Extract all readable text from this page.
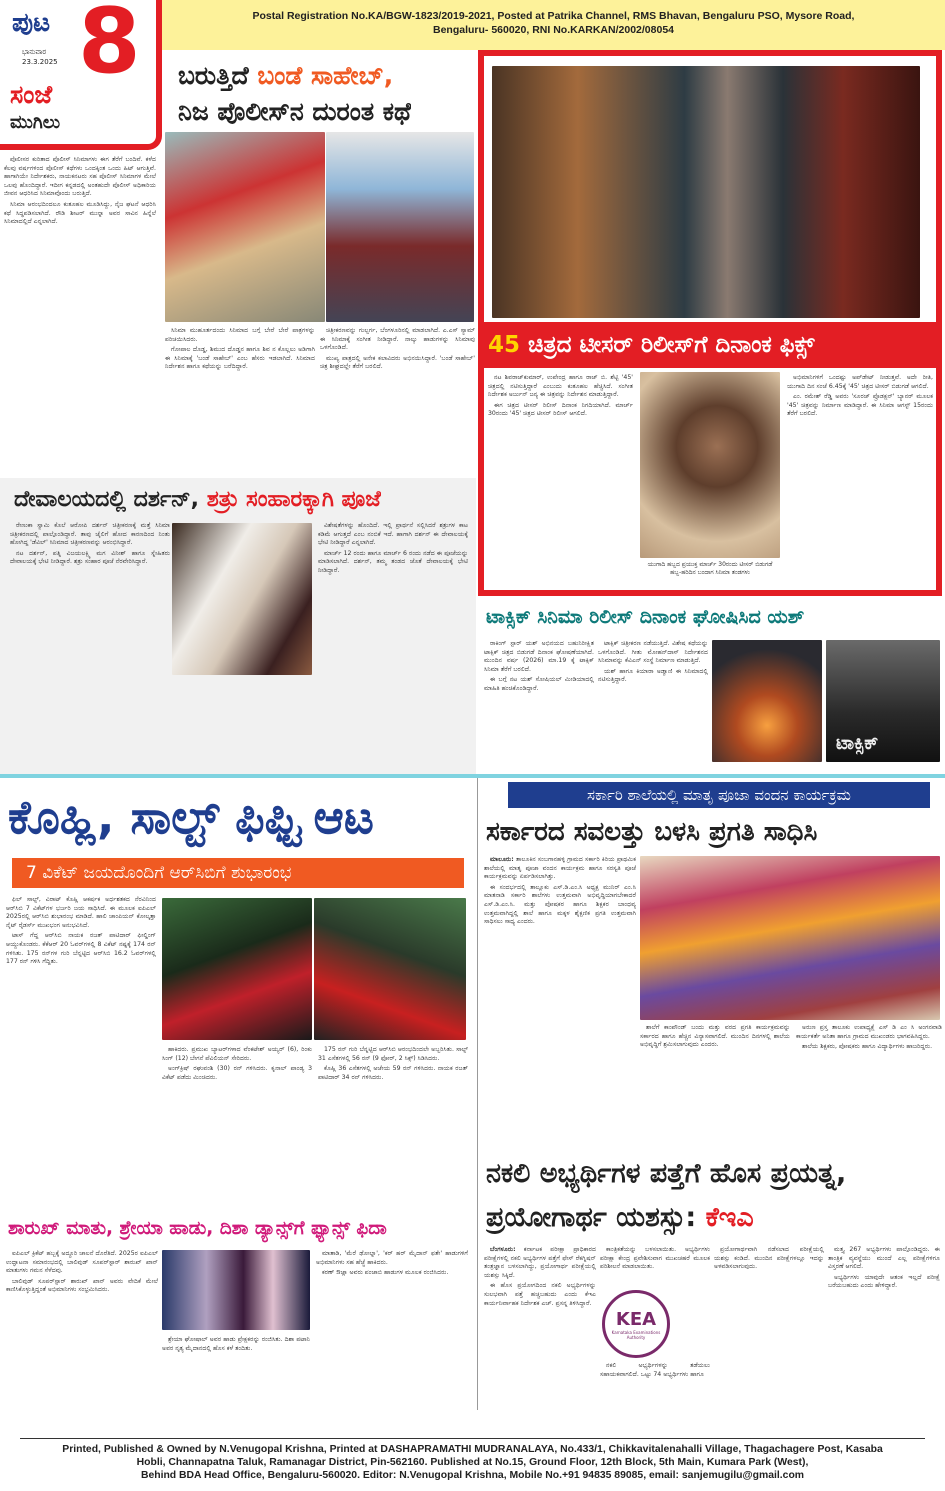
ಪುಟ 8
ಭಾನುವಾರ
23.3.2025
ಸಂಜೆ
ಮುಗಿಲು
Postal Registration No.KA/BGW-1823/2019-2021, Posted at Patrika Channel, RMS Bhavan, Bengaluru PSO, Mysore Road,
Bengaluru- 560020, RNI No.KARKAN/2002/08054
ಬರುತ್ತಿದೆ ಬಂಡೆ ಸಾಹೇಬ್,
ನಿಜ ಪೊಲೀಸ್‌ನ ದುರಂತ ಕಥೆ

ಪೊಲೀಸರ ಕುರಿತಾದ ಪೊಲೀಸ್ ಸಿನಿಮಾಗಳು ಈಗ ತೆರೆಗೆ ಬಂದಿವೆ. ಕಳೆದ ಕೆಲವು ವರ್ಷಗಳಿಂದ ಪೊಲೀಸ್ ಕಥೆಗಳು ಒಂದಕ್ಕಿಂತ ಒಂದು ಹಿಟ್ ಆಗುತ್ತಿವೆ. ಹಾಗಾಗಿಯೇ ನಿರ್ದೇಶಕರು, ನಾಯಕನಟರು ಸಹ ಪೊಲೀಸ್ ಸಿನಿಮಾಗಳ ಮೇಲೆ ಒಲವು ಹೊಂದಿದ್ದಾರೆ. ಇದೀಗ ಕನ್ನಡದಲ್ಲಿ ಅಂತಹುದೇ ಪೊಲೀಸ್ ಅಧಿಕಾರಿಯ ಜೀವನ ಆಧರಿಸಿದ ಸಿನಿಮಾವೊಂದು ಬರುತ್ತಿದೆ.

ಸಿನಿಮಾ ಆರಂಭದಿಂದಲೂ ಕುತೂಹಲ ಮೂಡಿಸಿದ್ದು, ನೈಜ ಘಟನೆ ಆಧರಿಸಿ ಕಥೆ ಸಿದ್ಧಪಡಿಸಲಾಗಿದೆ. ರೌಡಿ ಶೀಟರ್ ಮುನ್ನಾ ಅವರ ಸಾವಿನ ಹಿನ್ನೆಲೆ ಸಿನಿಮಾದಲ್ಲಿದೆ ಎನ್ನಲಾಗಿದೆ.

ಸಿನಿಮಾ ಮುಹೂರ್ತದಂದು ಸಿನಿಮಾದ ಬಗ್ಗೆ ಬೇರೆ ಬೇರೆ ಪಾತ್ರಗಳನ್ನು ಪರಿಚಯಿಸಿದರು.

ಗೋಪಾಲ ದೊಡ್ಡ, ಶಿಮುದ ದೊಡ್ಡನ ಹಾಗೂ ಶಿವ ನ ಕೊಲ್ಲಲು ಅಡಿಗಾಗಿ ಈ ಸಿನಿಮಾಕ್ಕೆ 'ಬಂಡೆ ಸಾಹೇಬ್' ಎಂಬ ಹೆಸರು ಇಡಲಾಗಿದೆ. ಸಿನಿಮಾದ ನಿರ್ದೇಶನ ಹಾಗೂ ಕಥೆಯನ್ನು ಬರೆದಿದ್ದಾರೆ.

ಚಿತ್ರೀಕರಣವನ್ನು ಗುಲ್ಬರ್ಗ, ಬೆಂಗಳೂರಿನಲ್ಲಿ ಮಾಡಲಾಗಿದೆ. ಎ.ಎಸ್ ಸ್ಯಾಮ್ ಈ ಸಿನಿಮಾಕ್ಕೆ ಸಂಗೀತ ನೀಡಿದ್ದಾರೆ. ನಾಲ್ಕು ಹಾಡುಗಳನ್ನು ಸಿನಿಮಾವು ಒಳಗೊಂಡಿದೆ.

ಮುಖ್ಯ ಪಾತ್ರದಲ್ಲಿ ಅನೇಕ ಕಲಾವಿದರು ಅಭಿನಯಿಸಿದ್ದಾರೆ. 'ಬಂಡೆ ಸಾಹೇಬ್' ಚಿತ್ರ ಶೀಘ್ರದಲ್ಲೇ ತೆರೆಗೆ ಬರಲಿದೆ.

45 ಚಿತ್ರದ ಟೀಸರ್ ರಿಲೀಸ್‌ಗೆ ದಿನಾಂಕ ಫಿಕ್ಸ್

ನಟ ಶಿವರಾಜ್‌ಕುಮಾರ್, ಉಪೇಂದ್ರ ಹಾಗೂ ರಾಜ್ ಬಿ. ಶೆಟ್ಟಿ '45' ಚಿತ್ರದಲ್ಲಿ ನಟಿಸುತ್ತಿದ್ದಾರೆ ಎಂಬುದು ಕುತೂಹಲ ಹೆಚ್ಚಿಸಿದೆ. ಸಂಗೀತ ನಿರ್ದೇಶಕ ಅರ್ಜುನ್ ಜನ್ಯ ಈ ಚಿತ್ರವನ್ನು ನಿರ್ದೇಶನ ಮಾಡುತ್ತಿದ್ದಾರೆ.

ಈಗ ಚಿತ್ರದ ಟೀಸರ್ ರಿಲೀಸ್ ದಿನಾಂಕ ನಿಗದಿಯಾಗಿದೆ. ಮಾರ್ಚ್ 30ರಂದು '45' ಚಿತ್ರದ ಟೀಸರ್ ರಿಲೀಸ್ ಆಗಲಿದೆ.

ಯುಗಾದಿ ಹಬ್ಬದ ಪ್ರಯುಕ್ತ ಮಾರ್ಚ್ 30ರಂದು ಟೀಸರ್ ಬಿಡುಗಡೆ
ಹಬ್ಬ-ಹರಿದಿನ ಬಂದಾಗ ಸಿನಿಮಾ ತಂಡಗಳು

ಅಭಿಮಾನಿಗಳಿಗೆ ಒಂದಷ್ಟು ಅಪ್‌ಡೇಟ್ ನೀಡುತ್ತವೆ. ಅದೇ ರೀತಿ, ಯುಗಾದಿ ದಿನ ಸಂಜೆ 6.45ಕ್ಕೆ '45' ಚಿತ್ರದ ಟೀಸರ್ ಬಿಡುಗಡೆ ಆಗಲಿದೆ.

ಎಂ. ರಮೇಶ್ ರೆಡ್ಡಿ ಅವರು 'ಸೂರಜ್ ಪ್ರೊಡಕ್ಷನ್' ಬ್ಯಾನರ್ ಮೂಲಕ '45' ಚಿತ್ರವನ್ನು ನಿರ್ಮಾಣ ಮಾಡಿದ್ದಾರೆ. ಈ ಸಿನಿಮಾ ಆಗಸ್ಟ್ 15ರಂದು ತೆರೆಗೆ ಬರಲಿದೆ.

ದೇವಾಲಯದಲ್ಲಿ ದರ್ಶನ್, ಶತ್ರು ಸಂಹಾರಕ್ಕಾಗಿ ಪೂಜೆ

ರೇಣುಕಾ ಸ್ವಾಮಿ ಕೊಲೆ ಆರೋಪಿ ದರ್ಶನ್ ಚಿತ್ರೀಕರಣಕ್ಕೆ ಮತ್ತೆ ಸಿನಿಮಾ ಚಿತ್ರೀಕರಣದಲ್ಲಿ ಪಾಲ್ಗೊಂಡಿದ್ದಾರೆ. ತಾವು ಜೈಲಿಗೆ ಹೋದ ಕಾರಣದಿಂದ ನಿಂತು ಹೋಗಿದ್ದ 'ಡೆವಿಲ್' ಸಿನಿಮಾದ ಚಿತ್ರೀಕರಣವನ್ನು ಆರಂಭಿಸಿದ್ದಾರೆ.

ನಟ ದರ್ಶನ್, ಪತ್ನಿ ವಿಜಯಲಕ್ಷ್ಮಿ ಮಗ ವಿನೀಶ್ ಹಾಗೂ ಸ್ನೇಹಿತರು ದೇವಾಲಯಕ್ಕೆ ಭೇಟಿ ನೀಡಿದ್ದಾರೆ. ಶತ್ರು ಸಂಹಾರ ಪೂಜೆ ನೆರವೇರಿಸಿದ್ದಾರೆ.

ವಿಶೇಷತೆಗಳನ್ನು ಹೊಂದಿದೆ. ಇಲ್ಲಿ ಪ್ರಾರ್ಥನೆ ಸಲ್ಲಿಸಿದರೆ ಶತ್ರುಗಳ ಕಾಟ ಕಡಿಮೆ ಆಗುತ್ತದೆ ಎಂಬ ನಂಬಿಕೆ ಇದೆ. ಹಾಗಾಗಿ ದರ್ಶನ್ ಈ ದೇವಾಲಯಕ್ಕೆ ಭೇಟಿ ನೀಡಿದ್ದಾರೆ ಎನ್ನಲಾಗಿದೆ.

ಮಾರ್ಚ್ 12 ರಂದು ಹಾಗೂ ಮಾರ್ಚ್ 6 ರಂದು ನಡೆದ ಈ ಪೂಜೆಯನ್ನು ಮಾಡಿಸಲಾಗಿದೆ. ದರ್ಶನ್, ತಮ್ಮ ತಂಡದ ಜೊತೆ ದೇವಾಲಯಕ್ಕೆ ಭೇಟಿ ನೀಡಿದ್ದಾರೆ.

ಟಾಕ್ಸಿಕ್ ಸಿನಿಮಾ ರಿಲೀಸ್ ದಿನಾಂಕ ಘೋಷಿಸಿದ ಯಶ್

ರಾಕಿಂಗ್ ಸ್ಟಾರ್ ಯಶ್ ಅಭಿನಯದ ಬಹುನಿರೀಕ್ಷಿತ ಟಾಕ್ಸಿಕ್ ಚಿತ್ರದ ಬಿಡುಗಡೆ ದಿನಾಂಕ ಘೋಷಣೆಯಾಗಿದೆ. ಮುಂದಿನ ವರ್ಷ (2026) ಮಾ.19 ಕ್ಕೆ ಟಾಕ್ಸಿಕ್ ಸಿನಿಮಾ ತೆರೆಗೆ ಬರಲಿದೆ.

ಈ ಬಗ್ಗೆ ನಟ ಯಶ್ ಸೋಷಿಯಲ್ ಮೀಡಿಯಾದಲ್ಲಿ ಮಾಹಿತಿ ಹಂಚಿಕೊಂಡಿದ್ದಾರೆ.

ಟಾಕ್ಸಿಕ್ ಚಿತ್ರೀಕರಣ ನಡೆಯುತ್ತಿದೆ. ವಿಶೇಷ ಕಥೆಯನ್ನು ಒಳಗೊಂಡಿದೆ. ಗೀತು ಮೋಹನ್‌ದಾಸ್ ನಿರ್ದೇಶನದ ಸಿನಿಮಾವನ್ನು ಕೆವಿಎನ್ ಸಂಸ್ಥೆ ನಿರ್ಮಾಣ ಮಾಡುತ್ತಿದೆ.

ಯಶ್ ಹಾಗೂ ಕಿಯಾರಾ ಅಡ್ವಾಣಿ ಈ ಸಿನಿಮಾದಲ್ಲಿ ನಟಿಸುತ್ತಿದ್ದಾರೆ.

ಟಾಕ್ಸಿಕ್
ಕೊಹ್ಲಿ, ಸಾಲ್ಟ್ ಫಿಫ್ಟಿ ಆಟ
7 ವಿಕೆಟ್ ಜಯದೊಂದಿಗೆ ಆರ್‌ಸಿಬಿಗೆ ಶುಭಾರಂಭ

ಫಿಲ್ ಸಾಲ್ಟ್, ವಿರಾಟ್ ಕೊಹ್ಲಿ ಆಕರ್ಷಕ ಅರ್ಧಶತಕದ ನೆರವಿನಿಂದ ಆರ್‌ಸಿಬಿ 7 ವಿಕೆಟ್‌ಗಳ ಭರ್ಜರಿ ಜಯ ಸಾಧಿಸಿದೆ. ಈ ಮೂಲಕ ಐಪಿಎಲ್ 2025ರಲ್ಲಿ ಆರ್‌ಸಿಬಿ ಶುಭಾರಂಭ ಮಾಡಿದೆ. ಹಾಲಿ ಚಾಂಪಿಯನ್ ಕೋಲ್ಕತ್ತಾ ನೈಟ್ ರೈಡರ್ಸ್ ಮುಖಭಂಗ ಅನುಭವಿಸಿದೆ.

ಟಾಸ್ ಗೆದ್ದ ಆರ್‌ಸಿಬಿ ನಾಯಕ ರಜತ್ ಪಾಟಿದಾರ್ ಫೀಲ್ಡಿಂಗ್ ಆಯ್ದುಕೊಂಡರು. ಕೆಕೆಆರ್ 20 ಓವರ್‌ಗಳಲ್ಲಿ 8 ವಿಕೆಟ್ ನಷ್ಟಕ್ಕೆ 174 ರನ್ ಗಳಿಸಿತು. 175 ರನ್‌ಗಳ ಗುರಿ ಬೆನ್ನಟ್ಟಿದ ಆರ್‌ಸಿಬಿ 16.2 ಓವರ್‌ಗಳಲ್ಲಿ 177 ರನ್ ಗಳಿಸಿ ಗೆದ್ದಿತು.

ಹಾಕಿದರು. ಪ್ರಮುಖ ಬ್ಯಾಟರ್‌ಗಳಾದ ವೆಂಕಟೇಶ್ ಅಯ್ಯರ್ (6), ರಿಂಕು ಸಿಂಗ್ (12) ಬೇಗನೆ ಪೆವಿಲಿಯನ್ ಸೇರಿದರು.

ಅಂಗ್‌ಕ್ರಿಷ್ ರಘುವಂಶಿ (30) ರನ್ ಗಳಿಸಿದರು. ಕೃನಾಲ್ ಪಾಂಡ್ಯ 3 ವಿಕೆಟ್ ಪಡೆದು ಮಿಂಚಿದರು.

175 ರನ್ ಗುರಿ ಬೆನ್ನಟ್ಟಿದ ಆರ್‌ಸಿಬಿ ಆರಂಭದಿಂದಲೇ ಅಬ್ಬರಿಸಿತು. ಸಾಲ್ಟ್ 31 ಎಸೆತಗಳಲ್ಲಿ 56 ರನ್ (9 ಫೋರ್, 2 ಸಿಕ್ಸ್) ಸಿಡಿಸಿದರು.

ಕೊಹ್ಲಿ 36 ಎಸೆತಗಳಲ್ಲಿ ಅಜೇಯ 59 ರನ್ ಗಳಿಸಿದರು. ನಾಯಕ ರಜತ್ ಪಾಟಿದಾರ್ 34 ರನ್ ಗಳಿಸಿದರು.

ಶಾರುಖ್ ಮಾತು, ಶ್ರೇಯಾ ಹಾಡು, ದಿಶಾ ಡ್ಯಾನ್ಸ್‌ಗೆ ಫ್ಯಾನ್ಸ್ ಫಿದಾ

ಐಪಿಎಲ್ ಕ್ರಿಕೆಟ್ ಹಬ್ಬಕ್ಕೆ ಅದ್ಧೂರಿ ಚಾಲನೆ ದೊರೆತಿದೆ. 2025ರ ಐಪಿಎಲ್ ಉದ್ಘಾಟನಾ ಸಮಾರಂಭದಲ್ಲಿ ಬಾಲಿವುಡ್ ಸೂಪರ್‌ಸ್ಟಾರ್ ಶಾರುಖ್ ಖಾನ್ ಮಾತುಗಳು ಗಮನ ಸೆಳೆದವು.

ಬಾಲಿವುಡ್ ಸೂಪರ್‌ಸ್ಟಾರ್ ಶಾರುಖ್ ಖಾನ್ ಅವರು ವೇದಿಕೆ ಮೇಲೆ ಕಾಣಿಸಿಕೊಳ್ಳುತ್ತಿದ್ದಂತೆ ಅಭಿಮಾನಿಗಳು ಸಂಭ್ರಮಿಸಿದರು.

ಶ್ರೇಯಾ ಘೋಷಾಲ್ ಅವರ ಹಾಡು ಪ್ರೇಕ್ಷಕರನ್ನು ರಂಜಿಸಿತು. ದಿಶಾ ಪಟಾನಿ ಅವರ ನೃತ್ಯ ಮೈದಾನದಲ್ಲಿ ಹೊಸ ಕಳೆ ತಂದಿತು.

ಮಾತಾಡಿ, 'ಮೆರೆ ಢೋಲ್ನಾ', 'ಕರ್ ಹರ್ ಮೈದಾನ್ ಫತೇ' ಹಾಡುಗಳಿಗೆ ಅಭಿಮಾನಿಗಳು ಸಹ ಹೆಜ್ಜೆ ಹಾಕಿದರು.

ಕರಣ್ ಔಜ್ಲಾ ಅವರು ಪಂಜಾಬಿ ಹಾಡುಗಳ ಮೂಲಕ ರಂಜಿಸಿದರು.

ಸರ್ಕಾರಿ ಶಾಲೆಯಲ್ಲಿ ಮಾತೃ ಪೂಜಾ ವಂದನ ಕಾರ್ಯಕ್ರಮ
ಸರ್ಕಾರದ ಸವಲತ್ತು ಬಳಸಿ ಪ್ರಗತಿ ಸಾಧಿಸಿ

ಮಾಲೂರು: ತಾಲೂಕಿನ ಸಂಬಗಾನಹಳ್ಳಿ ಗ್ರಾಮದ ಸರ್ಕಾರಿ ಕಿರಿಯ ಪ್ರಾಥಮಿಕ ಶಾಲೆಯಲ್ಲಿ ಮಾತೃ ಪೂಜಾ ವಂದನ ಕಾರ್ಯಕ್ರಮ ಹಾಗೂ ಸರಸ್ವತಿ ಪೂಜೆ ಕಾರ್ಯಕ್ರಮವನ್ನು ಏರ್ಪಡಿಸಲಾಗಿತ್ತು.

ಈ ಸಂದರ್ಭದಲ್ಲಿ ತಾಲ್ಲೂಕು ಎಸ್.ಡಿ.ಎಂ.ಸಿ ಅಧ್ಯಕ್ಷ ಮುನಿರ್ ಎಂ.ಸಿ ಮಾತನಾಡಿ ಸರ್ಕಾರಿ ಶಾಲೆಗಳು ಉತ್ತಮವಾಗಿ ಅಭಿವೃದ್ಧಿಯಾಗಬೇಕಾದರೆ ಎಸ್.ಡಿ.ಎಂ.ಸಿ. ಮತ್ತು ಪೋಷಕರ ಹಾಗೂ ಶಿಕ್ಷಕರ ಬಾಂಧವ್ಯ ಉತ್ತಮವಾಗಿದ್ದಲ್ಲಿ ಶಾಲೆ ಹಾಗೂ ಮಕ್ಕಳ ಶೈಕ್ಷಣಿಕ ಪ್ರಗತಿ ಉತ್ತಮವಾಗಿ ಸಾಧಿಸಲು ಸಾಧ್ಯ ಎಂದರು.

ಶಾಲೆಗೆ ಕಾಂಪೌಂಡ್ ಬಂದು ಮತ್ತು ವರದ ಪ್ರಗತಿ ಕಾರ್ಯಕ್ರಮವನ್ನು ಸರ್ಕಾರದ ಹಾಗೂ ಹೆಚ್ಚಿನ ವಿನ್ಯಾಸವಾಗಲಿದೆ. ಮುಂದಿನ ದಿನಗಳಲ್ಲಿ ಶಾಲೆಯ ಅಭಿವೃದ್ಧಿಗೆ ಶ್ರಮಿಸಲಾಗುವುದು ಎಂದರು.

ಅರುಣ ಪ್ರಸ್ತ ತಾಲೂಕು ಉಪಾಧ್ಯಕ್ಷೆ ಎಸ್ ಡಿ ಎಂ ಸಿ ಅಂಗನವಾಡಿ ಕಾರ್ಯಕರ್ತೆ ಅನಿತಾ ಹಾಗೂ ಗ್ರಾಮದ ಮುಖಂಡರು ಭಾಗವಹಿಸಿದ್ದರು.

ಶಾಲೆಯ ಶಿಕ್ಷಕರು, ಪೋಷಕರು ಹಾಗೂ ವಿದ್ಯಾರ್ಥಿಗಳು ಹಾಜರಿದ್ದರು.

ನಕಲಿ ಅಭ್ಯರ್ಥಿಗಳ ಪತ್ತೆಗೆ ಹೊಸ ಪ್ರಯತ್ನ,
ಪ್ರಯೋಗಾರ್ಥ ಯಶಸ್ಸು: ಕೆಇಎ

ಬೆಂಗಳೂರು: ಕರ್ನಾಟಕ ಪರೀಕ್ಷಾ ಪ್ರಾಧಿಕಾರದ ಪರೀಕ್ಷೆಗಳಲ್ಲಿ ನಕಲಿ ಅಭ್ಯರ್ಥಿಗಳ ಪತ್ತೆಗೆ ಫೇಸ್ ರೆಕಗ್ನಿಷನ್ ತಂತ್ರಜ್ಞಾನ ಬಳಸಲಾಗಿದ್ದು, ಪ್ರಯೋಗಾರ್ಥ ಪರೀಕ್ಷೆಯಲ್ಲಿ ಯಶಸ್ಸು ಸಿಕ್ಕಿದೆ.

ಈ ಹೊಸ ಪ್ರಯೋಗದಿಂದ ನಕಲಿ ಅಭ್ಯರ್ಥಿಗಳನ್ನು ಸುಲಭವಾಗಿ ಪತ್ತೆ ಹಚ್ಚಬಹುದು ಎಂದು ಕೆಇಎ ಕಾರ್ಯನಿರ್ವಾಹಕ ನಿರ್ದೇಶಕ ಎಚ್. ಪ್ರಸನ್ನ ತಿಳಿಸಿದ್ದಾರೆ.

ಕಾಂತ್ರಿಕತೆಯನ್ನು ಬಳಸಲಾಯಿತು. ಅಭ್ಯರ್ಥಿಗಳು ಪರೀಕ್ಷಾ ಕೇಂದ್ರ ಪ್ರವೇಶಿಸುವಾಗ ಮುಖಚಹರೆ ಮೂಲಕ ಪರಿಶೀಲನೆ ಮಾಡಲಾಯಿತು.

KEA
Karnataka Examinations Authority

ನಕಲಿ ಅಭ್ಯರ್ಥಿಗಳನ್ನು ತಡೆಯಲು ಸಹಾಯಕವಾಗಲಿದೆ. ಒಟ್ಟು 74 ಅಭ್ಯರ್ಥಿಗಳು ಹಾಗೂ

ಪ್ರಯೋಗಾರ್ಥವಾಗಿ ನಡೆಸಲಾದ ಪರೀಕ್ಷೆಯಲ್ಲಿ ಯಶಸ್ಸು ಕಂಡಿದೆ. ಮುಂದಿನ ಪರೀಕ್ಷೆಗಳಲ್ಲೂ ಇದನ್ನು ಅಳವಡಿಸಲಾಗುವುದು.

ಮತ್ತ್ಯ 267 ಅಭ್ಯರ್ಥಿಗಳು ಪಾಲ್ಗೊಂಡಿದ್ದರು. ಈ ತಾಂತ್ರಿಕ ವ್ಯವಸ್ಥೆಯು ಮುಂದೆ ಎಲ್ಲ ಪರೀಕ್ಷೆಗಳಿಗೂ ವಿಸ್ತರಣೆ ಆಗಲಿದೆ.

ಅಭ್ಯರ್ಥಿಗಳು ಯಾವುದೇ ಆತಂಕ ಇಲ್ಲದೆ ಪರೀಕ್ಷೆ ಬರೆಯಬಹುದು ಎಂದು ಹೇಳಿದ್ದಾರೆ.

Printed, Published & Owned by N.Venugopal Krishna, Printed at DASHAPRAMATHI MUDRANALAYA, No.433/1, Chikkavitalenahalli Village, Thagachagere Post, Kasaba
Hobli, Channapatna Taluk, Ramanagar District, Pin-562160. Published at No.15, Ground Floor, 12th Block, 5th Main, Kumara Park (West),
Behind BDA Head Office, Bengaluru-560020. Editor: N.Venugopal Krishna, Mobile No.+91 94835 89085, email: sanjemugilu@gmail.com
